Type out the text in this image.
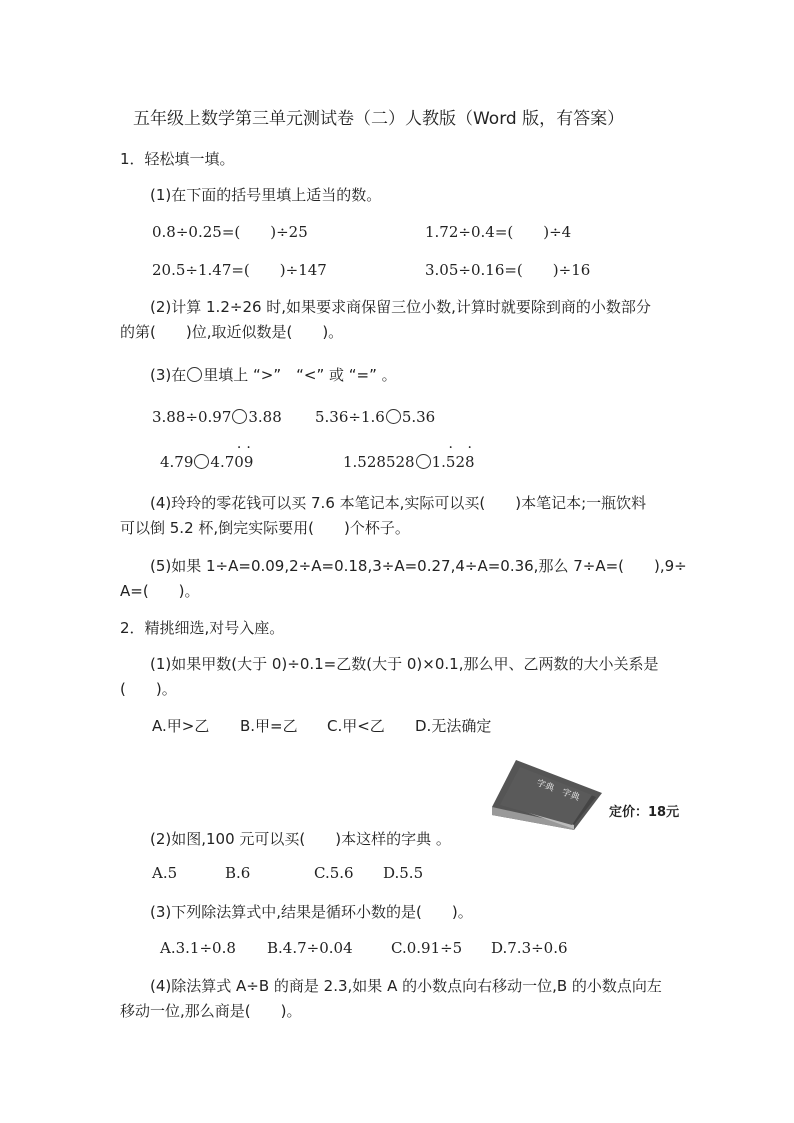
五年级上数学第三单元测试卷（二）人教版（Word 版，有答案）
1．轻松填一填。
(1)在下面的括号里填上适当的数。
0.8÷0.25=(　　)÷25	1.72÷0.4=(　　)÷4
20.5÷1.47=(　　)÷147	3.05÷0.16=(　　)÷16
(2)计算 1.2÷26 时,如果要求商保留三位小数,计算时就要除到商的小数部分
的第(　　)位,取近似数是(　　)。
(3)在 里填上 “>”　“<” 或 “=” 。
3.88÷0.97 3.88 5.36÷1.6 5.36
4.79 4.7· 0· 9	1.528528 1.· 52· 8
(4)玲玲的零花钱可以买 7.6 本笔记本,实际可以买(　　)本笔记本;一瓶饮料
可以倒 5.2 杯,倒完实际要用(　　)个杯子。
(5)如果 1÷A=0.09,2÷A=0.18,3÷A=0.27,4÷A=0.36,那么 7÷A=(　　),9÷
A=(　　)。
2．精挑细选,对号入座。
(1)如果甲数(大于 0)÷0.1=乙数(大于 0)×0.1,那么甲、乙两数的大小关系是
(　　)。
A.甲>乙 B.甲=乙 C.甲<乙 D.无法确定
字典　字典
定价：18元
(2)如图,100 元可以买(　　)本这样的字典 。
A.5	B.6	C.5.6 D.5.5
(3)下列除法算式中,结果是循环小数的是(　　)。
A.3.1÷0.8 B.4.7÷0.04	C.0.91÷5 D.7.3÷0.6
(4)除法算式 A÷B 的商是 2.3,如果 A 的小数点向右移动一位,B 的小数点向左
移动一位,那么商是(　　)。
